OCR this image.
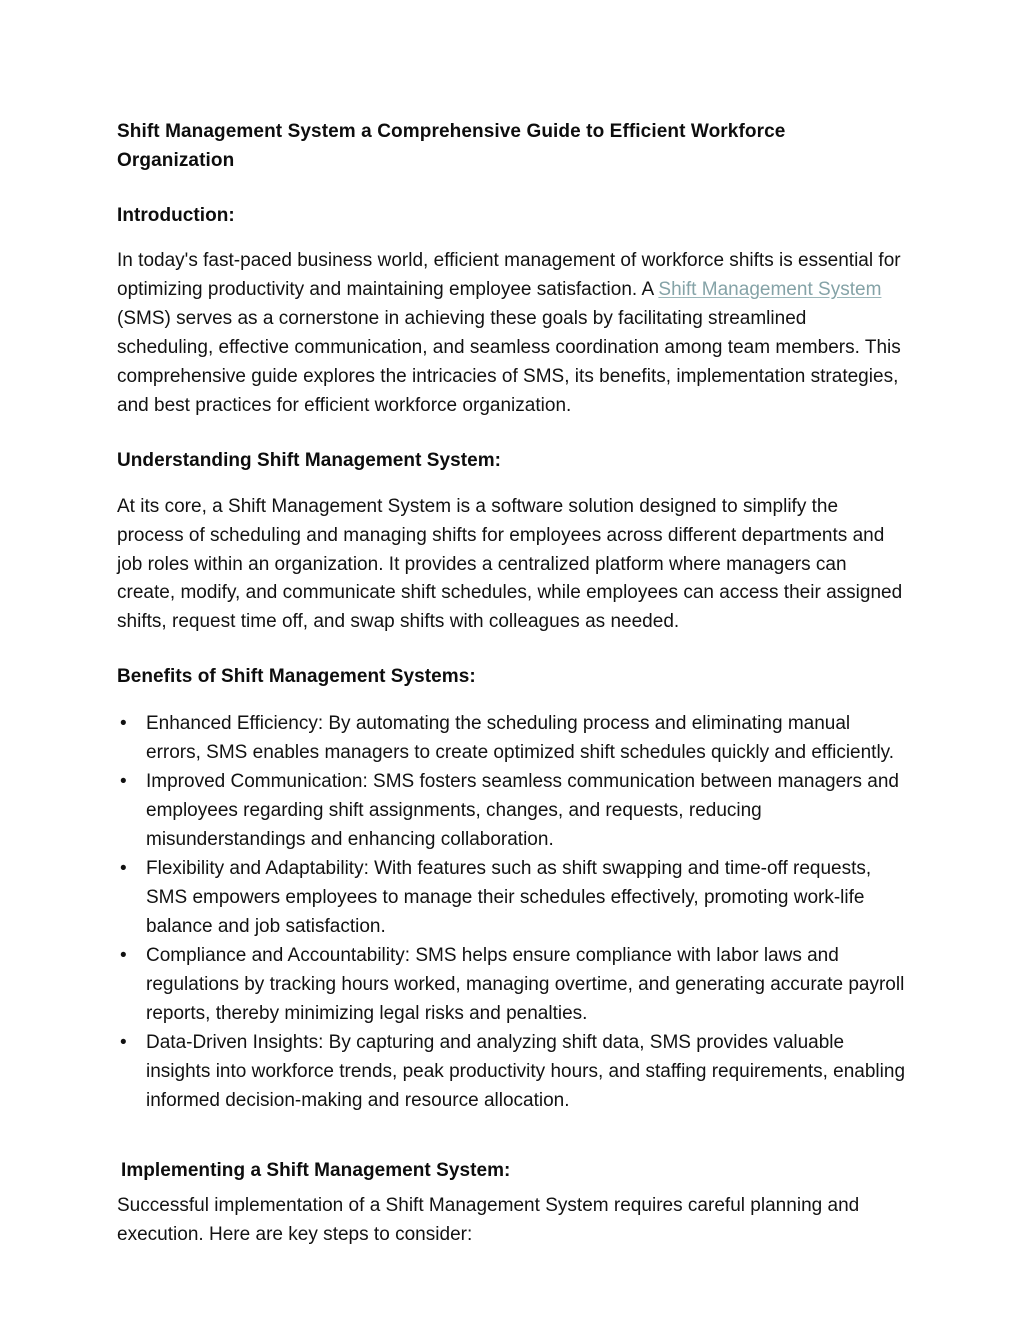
Shift Management System a Comprehensive Guide to Efficient Workforce Organization
Introduction:

In today's fast-paced business world, efficient management of workforce shifts is essential for optimizing productivity and maintaining employee satisfaction. A Shift Management System (SMS) serves as a cornerstone in achieving these goals by facilitating streamlined scheduling, effective communication, and seamless coordination among team members. This comprehensive guide explores the intricacies of SMS, its benefits, implementation strategies, and best practices for efficient workforce organization.

Understanding Shift Management System:

At its core, a Shift Management System is a software solution designed to simplify the process of scheduling and managing shifts for employees across different departments and job roles within an organization. It provides a centralized platform where managers can create, modify, and communicate shift schedules, while employees can access their assigned shifts, request time off, and swap shifts with colleagues as needed.

Benefits of Shift Management Systems:
• Enhanced Efficiency: By automating the scheduling process and eliminating manual errors, SMS enables managers to create optimized shift schedules quickly and efficiently.
• Improved Communication: SMS fosters seamless communication between managers and employees regarding shift assignments, changes, and requests, reducing misunderstandings and enhancing collaboration.
• Flexibility and Adaptability: With features such as shift swapping and time-off requests, SMS empowers employees to manage their schedules effectively, promoting work-life balance and job satisfaction.
• Compliance and Accountability: SMS helps ensure compliance with labor laws and regulations by tracking hours worked, managing overtime, and generating accurate payroll reports, thereby minimizing legal risks and penalties.
• Data-Driven Insights: By capturing and analyzing shift data, SMS provides valuable insights into workforce trends, peak productivity hours, and staffing requirements, enabling informed decision-making and resource allocation.
Implementing a Shift Management System:

Successful implementation of a Shift Management System requires careful planning and execution. Here are key steps to consider:
